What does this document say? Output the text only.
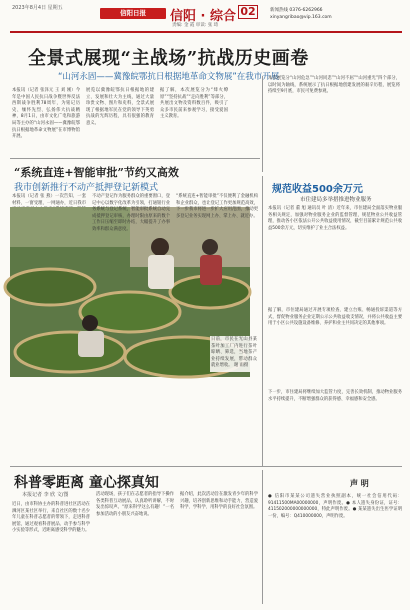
2023年8月4日 星期五
信阳日报	信阳 · 综合 02
责编: 金 霞 审读: 张 琦
新闻热线 0376-6262966
xinyangribao@vip.163.com
全景式展现“主战场”抗战历史画卷
“山河永固——冀豫皖鄂抗日根据地革命文物展”在我市开展
本报讯（记者 张泽元 王 刘 刚）今年是中国人民抗日战争暨世界反法西斯战争胜利78周年，为铭记历史、缅怀先烈、弘扬伟大抗战精神，8月1日，由市文化广电和旅游局等主办的“山河永固——冀豫皖鄂抗日根据地革命文物展”在市博物馆开展。
展览以冀豫皖鄂抗日根据地的建立、发展和壮大为主线，通过大量珍贵文物、图片和史料，全景式展现了根据地军民在党的领导下英勇抗战的光辉历程，具有很强的教育意义。
据了解，本次展览分为“烽火燎原”“坚持抗战”“走向胜利”等部分，共展出文物及资料数百件，吸引了众多市民前来参观学习，接受爱国主义教育。
本次展览分“山河危急”“山河同悲”“山河不屈”“山河重光”四个部分，以时间为轴线，系统展示了抗日根据地创建发展的艰辛历程，展览将持续至9月底，市民可免费参观。
“系统直连+智能审批”节约又高效
我市创新推行不动产抵押登记新模式
本报讯（记者 张 燕）一次告知、一套材料、一窗受理、一网通办，近日我市
日前，市民在光山县某茶叶加工厂内进行茶叶晾晒、筛选，当地茶产业持续发展，带动群众就业增收。 谢 雨摄
不动产登记作为服务群众的重要窗口，登记中心以数字化改革为引领，打通银行业务系统与登记系统，智能审批系统自动完成抵押登记审核，办理时限由原来的数个工作日压缩至即时办结，大幅提升了办事效率和群众满意度。
“系统直连+智能审批”不仅便利了金融机构和企业群众，也让登记工作更加规范高效，下一步我市将进一步扩大应用范围，推动更多登记业务实现网上办、掌上办、就近办。
规范收益500余万元
市住建局多举措推进物业服务
本报讯（记者 董 旭 通讯员 叶 清）近年来，市住建局全面落实物业服务相关规定，加强对物业服务企业的监督管理，规范物业公共收益管理，推动各小区依法公开公共收益使用情况，截至目前累计规范公共收益500余万元，切实维护了业主合法权益。
据了解，市住建局通过开展专项检查、建立台账、畅通投诉渠道等方式，督促物业服务企业定期公示公共收益收支情况，并将公共收益主要用于小区公共设施设备维修、养护和业主共同决定的其他事项。
下一步，市住建局将继续加大监管力度，完善长效机制，推动物业服务水平持续提升，不断增强群众的获得感、幸福感和安全感。
科普零距离 童心探真知
本报记者 李 欣 文/图
近日，由市科协主办的科普进社区活动在浉河区某社区举行，来自社区的数十名少年儿童在科普志愿者的带领下，走进科普展馆，通过观看科普展品、动手参与科学小实验等形式，近距离感受科学的魅力。
活动现场，孩子们在志愿者的指导下操作各类科普互动展品，认真聆听讲解，不时发出惊叹声。“原来科学这么有趣！”一名参加活动的小朋友兴奋地说。
据介绍，此次活动旨在激发青少年的科学兴趣，培养创新思维和动手能力，营造爱科学、学科学、用科学的良好社会氛围。
声 明
● 信阳市某某公司遗失营业执照副本，统一社会信用代码：91411500MA00000000，声明作废。● 本人遗失身份证，证号：411502000000000000，特此声明作废。● 某某遗失出生医学证明一份，编号：Q410000000，声明作废。
